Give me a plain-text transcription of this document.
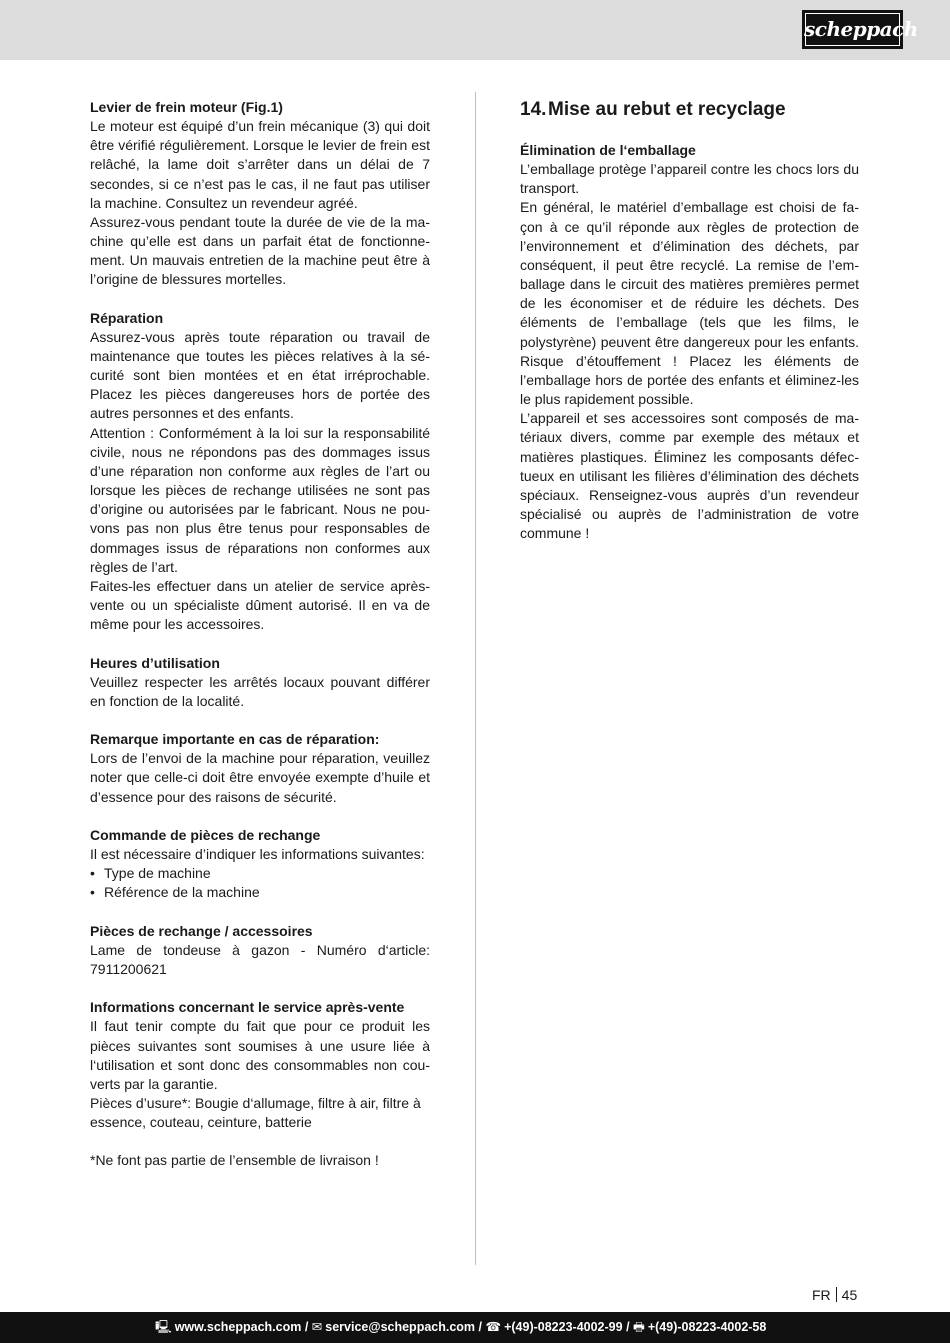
scheppach
Levier de frein moteur (Fig.1)

Le moteur est équipé d’un frein mécanique (3) qui doit être vérifié régulièrement. Lorsque le levier de frein est relâché, la lame doit s’arrêter dans un délai de 7 secondes, si ce n’est pas le cas, il ne faut pas utiliser la machine. Consultez un revendeur agréé.

Assurez-vous pendant toute la durée de vie de la machine qu’elle est dans un parfait état de fonctionnement. Un mauvais entretien de la machine peut être à l’origine de blessures mortelles.

Réparation

Assurez-vous après toute réparation ou travail de maintenance que toutes les pièces relatives à la sécurité sont bien montées et en état irréprochable. Placez les pièces dangereuses hors de portée des autres personnes et des enfants.

Attention : Conformément à la loi sur la responsabilité civile, nous ne répondons pas des dommages issus d’une réparation non conforme aux règles de l’art ou lorsque les pièces de rechange utilisées ne sont pas d’origine ou autorisées par le fabricant. Nous ne pouvons pas non plus être tenus pour responsables de dommages issus de réparations non conformes aux règles de l’art.

Faites-les effectuer dans un atelier de service aprèsvente ou un spécialiste dûment autorisé. Il en va de même pour les accessoires.

Heures d’utilisation

Veuillez respecter les arrêtés locaux pouvant différer en fonction de la localité.

Remarque importante en cas de réparation:

Lors de l’envoi de la machine pour réparation, veuillez noter que celle-ci doit être envoyée exempte d’huile et d’essence pour des raisons de sécurité.

Commande de pièces de rechange

Il est nécessaire d’indiquer les informations suivantes:

• Type de machine
• Référence de la machine
Pièces de rechange / accessoires

Lame de tondeuse à gazon - Numéro d‘article: 7911200621

Informations concernant le service après-vente

Il faut tenir compte du fait que pour ce produit les pièces suivantes sont soumises à une usure liée à l‘utilisation et sont donc des consommables non couverts par la garantie.

Pièces d’usure*: Bougie d‘allumage, filtre à air, filtre à essence, couteau, ceinture, batterie

*Ne font pas partie de l’ensemble de livraison !

14. Mise au rebut et recyclage
Élimination de l‘emballage

L’emballage protège l’appareil contre les chocs lors du transport.

En général, le matériel d’emballage est choisi de façon à ce qu’il réponde aux règles de protection de l’environnement et d’élimination des déchets, par conséquent, il peut être recyclé. La remise de l’emballage dans le circuit des matières premières permet de les économiser et de réduire les déchets. Des éléments de l’emballage (tels que les films, le polystyrène) peuvent être dangereux pour les enfants. Risque d’étouffement ! Placez les éléments de l’emballage hors de portée des enfants et éliminez-les le plus rapidement possible.

L’appareil et ses accessoires sont composés de matériaux divers, comme par exemple des métaux et matières plastiques. Éliminez les composants défectueux en utilisant les filières d’élimination des déchets spéciaux. Renseignez-vous auprès d’un revendeur spécialisé ou auprès de l’administration de votre commune !

FR 45
🖳 www.scheppach.com / ✉ service@scheppach.com / ☎ +(49)-08223-4002-99 / 🖶 +(49)-08223-4002-58
